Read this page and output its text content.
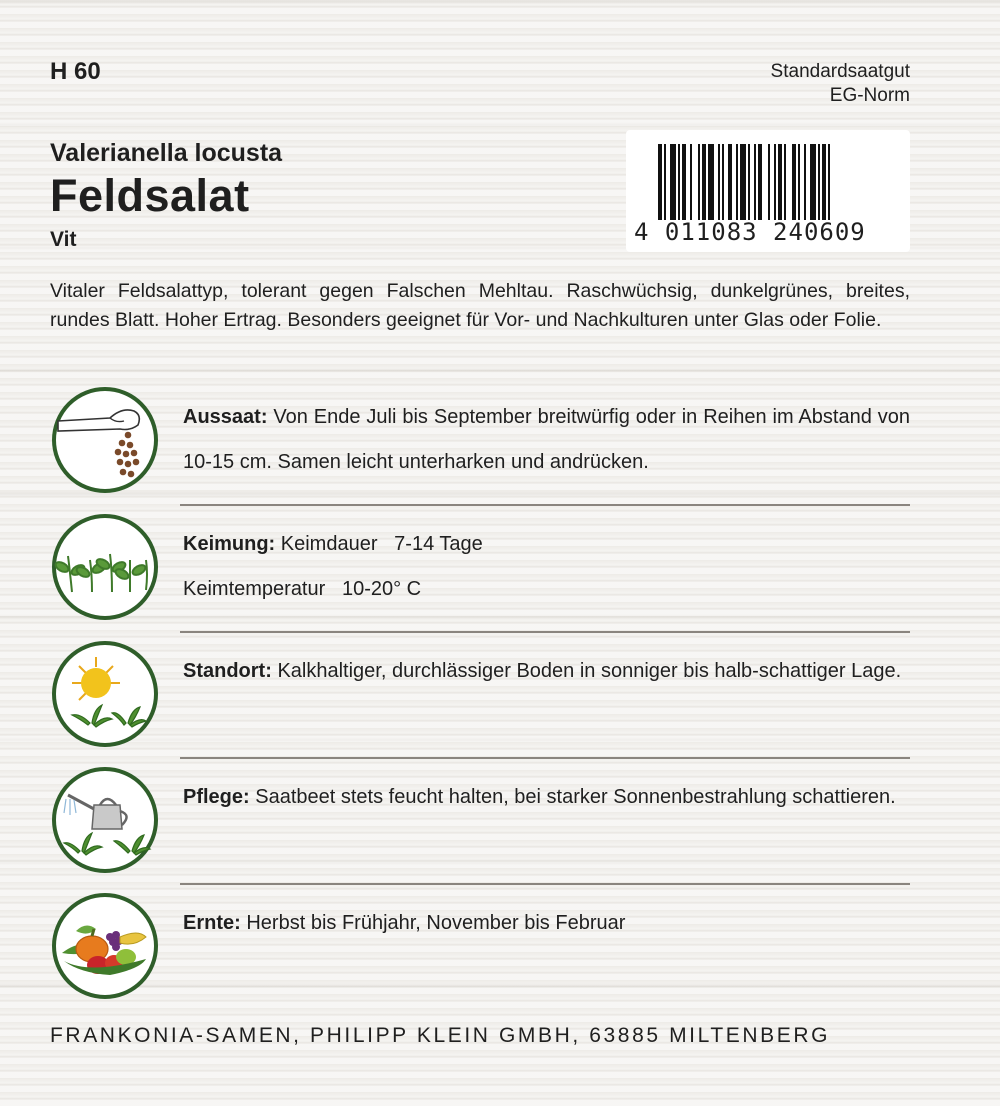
H 60	Standardsaatgut
EG-Norm
Valerianella locusta
Feldsalat
Vit	4 011083 240609
Vitaler Feldsalattyp, tolerant gegen Falschen Mehltau. Raschwüchsig, dunkelgrünes, breites, rundes Blatt. Hoher Ertrag. Besonders geeignet für Vor- und Nachkulturen unter Glas oder Folie.
Aussaat: Von Ende Juli bis September breitwürfig oder in Reihen im Abstand von 10-15 cm. Samen leicht unterharken und andrücken.
Keimung: Keimdauer   7-14 Tage
Keimtemperatur   10-20° C
Standort: Kalkhaltiger, durchlässiger Boden in sonniger bis halb-schattiger Lage.
Pflege: Saatbeet stets feucht halten, bei starker Sonnenbestrahlung schattieren.
Ernte: Herbst bis Frühjahr, November bis Februar
FRANKONIA-SAMEN, PHILIPP KLEIN GMBH, 63885 MILTENBERG
